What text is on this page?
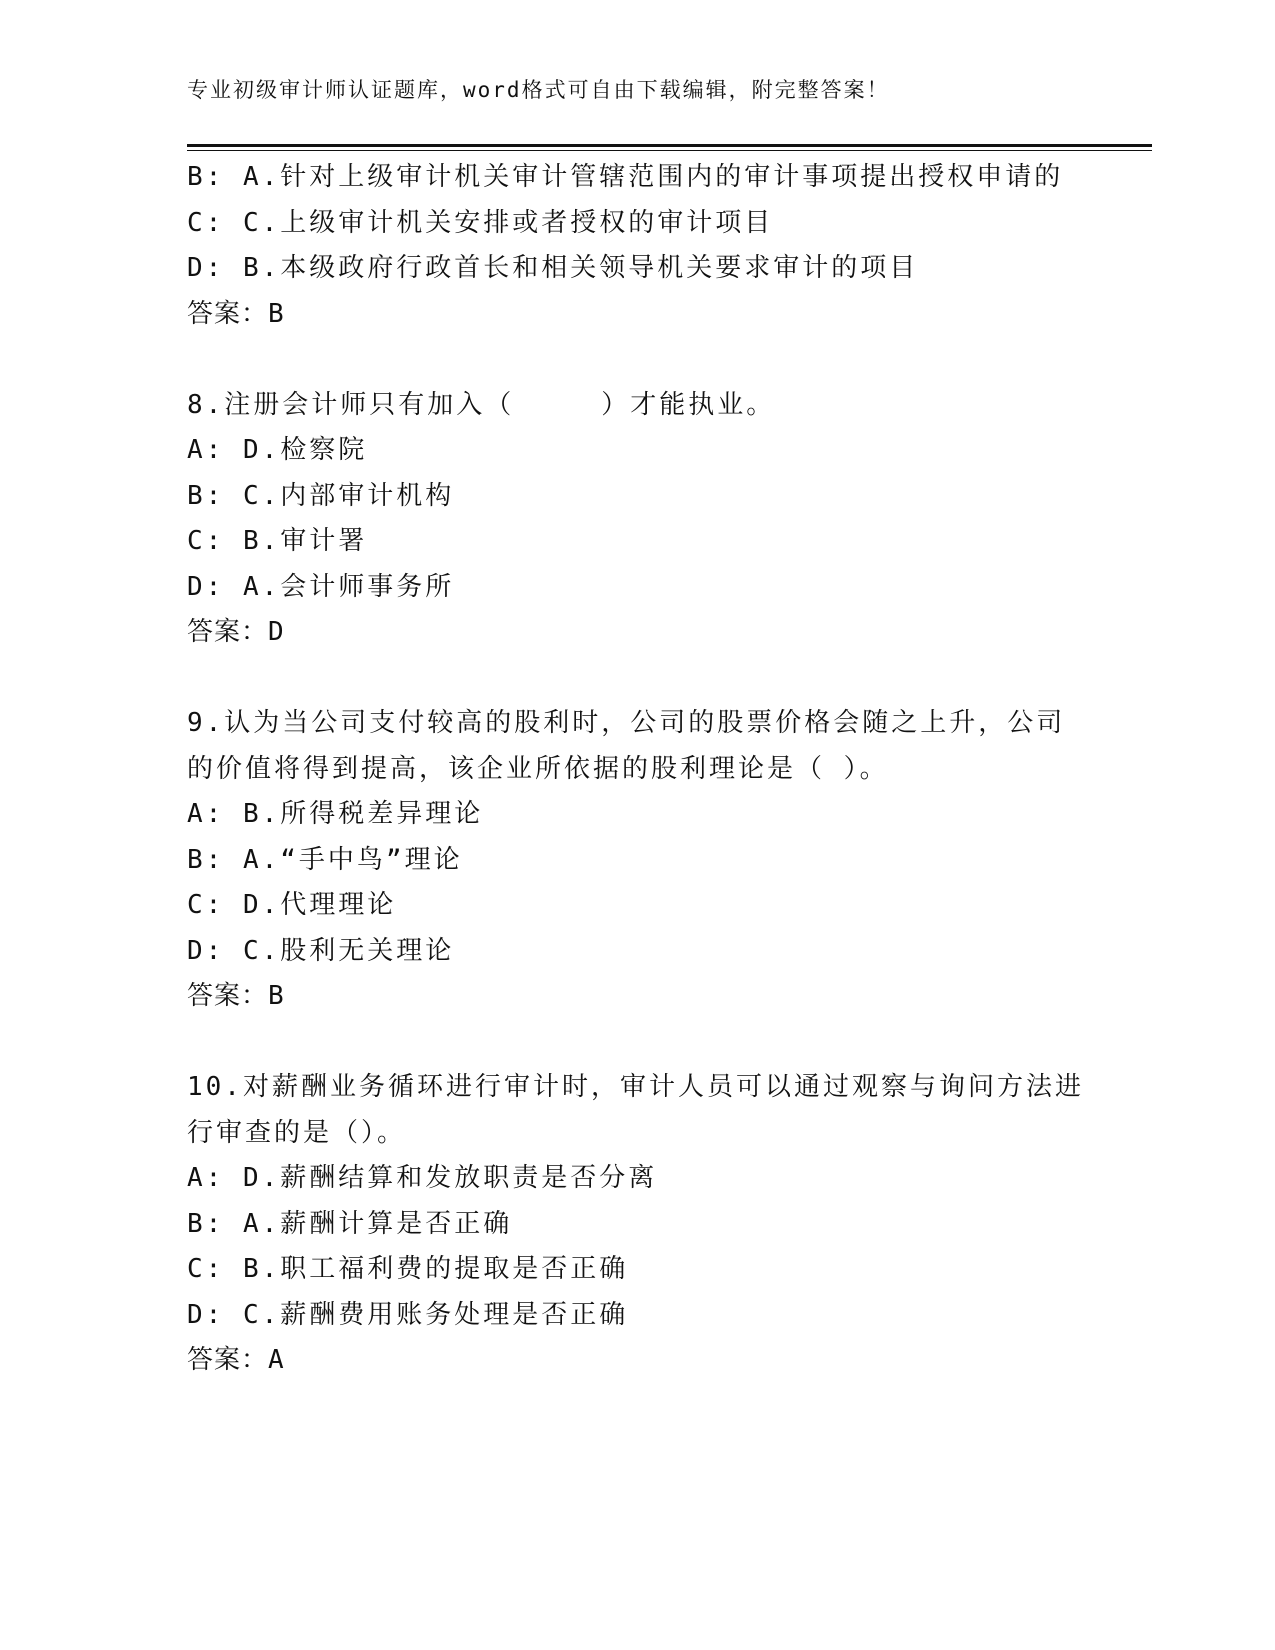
专业初级审计师认证题库，word格式可自由下载编辑，附完整答案！
B: A.针对上级审计机关审计管辖范围内的审计事项提出授权申请的
C: C.上级审计机关安排或者授权的审计项目
D: B.本级政府行政首长和相关领导机关要求审计的项目
答案：B
8.注册会计师只有加入（　　　）才能执业。
A: D.检察院
B: C.内部审计机构
C: B.审计署
D: A.会计师事务所
答案：D
9.认为当公司支付较高的股利时，公司的股票价格会随之上升，公司
的价值将得到提高，该企业所依据的股利理论是（ ）。
A: B.所得税差异理论
B: A.“手中鸟”理论
C: D.代理理论
D: C.股利无关理论
答案：B
10.对薪酬业务循环进行审计时，审计人员可以通过观察与询问方法进
行审查的是（）。
A: D.薪酬结算和发放职责是否分离
B: A.薪酬计算是否正确
C: B.职工福利费的提取是否正确
D: C.薪酬费用账务处理是否正确
答案：A
